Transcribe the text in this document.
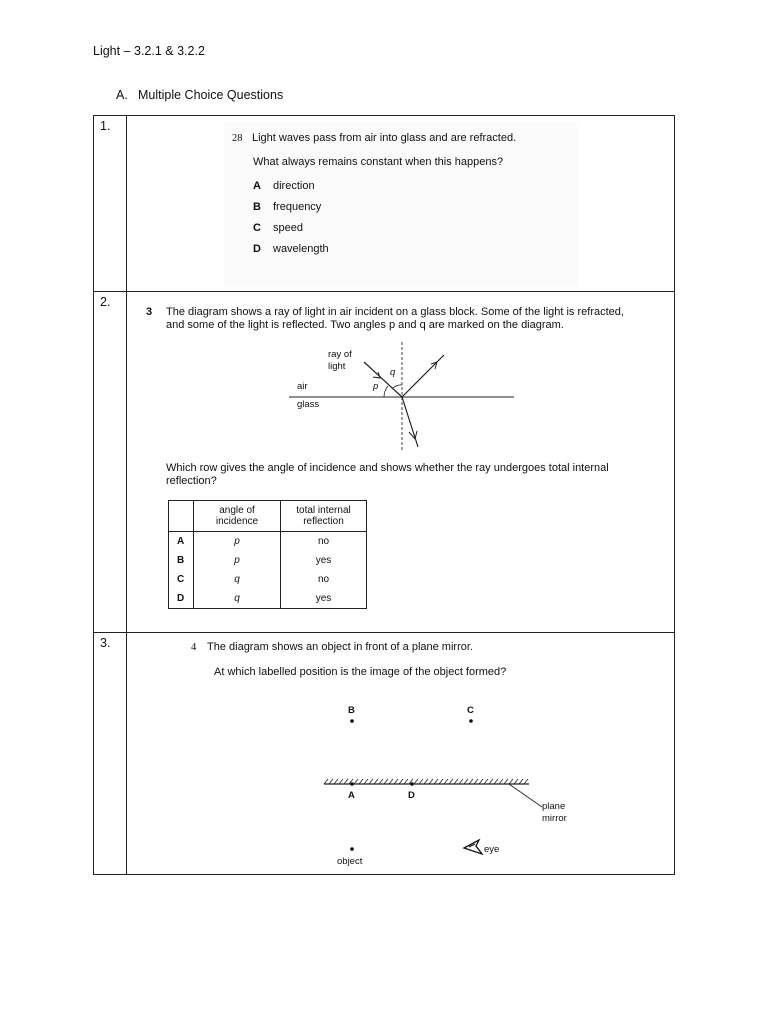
Light – 3.2.1 & 3.2.2
A. Multiple Choice Questions
1.
28 Light waves pass from air into glass and are refracted.
What always remains constant when this happens?
A direction
B frequency
C speed
D wavelength
2.
3 The diagram shows a ray of light in air incident on a glass block. Some of the light is refracted,
and some of the light is reflected. Two angles p and q are marked on the diagram.
ray of
light
p
q
air
glass
Which row gives the angle of incidence and shows whether the ray undergoes total internal
reflection?
	angle of
incidence	total internal
reflection
A	p	no
B	p	yes
C	q	no
D	q	yes
3.	4 The diagram shows an object in front of a plane mirror.
At which labelled position is the image of the object formed?
B	C
A	D
plane
mirror
object
eye
